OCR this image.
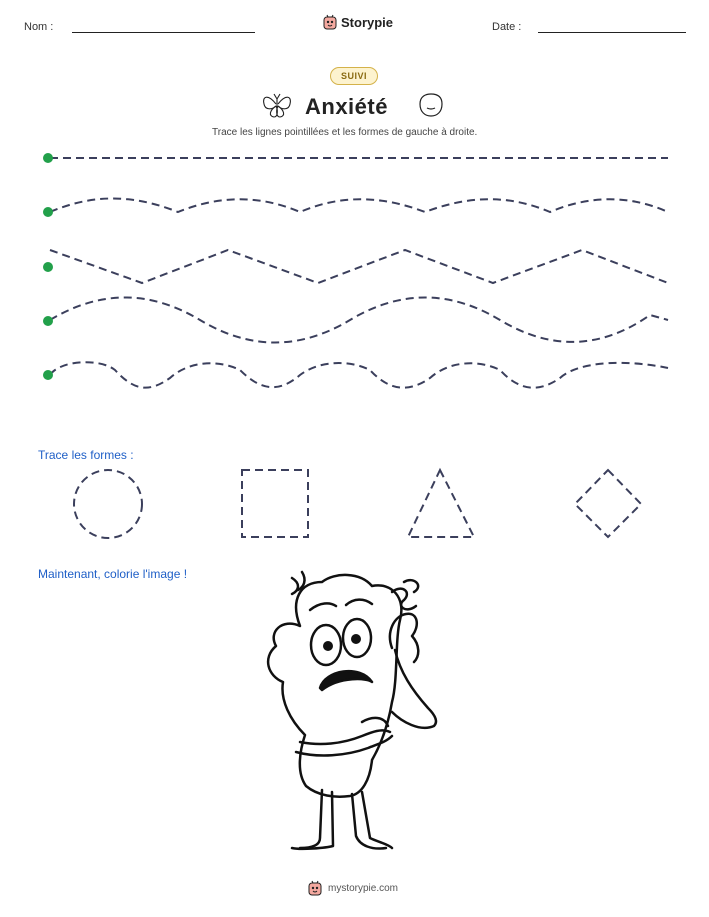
Nom :	Storypie	Date :
SUIVI
Anxiété
Trace les lignes pointillées et les formes de gauche à droite.
Trace les formes :
Maintenant, colorie l'image !
mystorypie.com
